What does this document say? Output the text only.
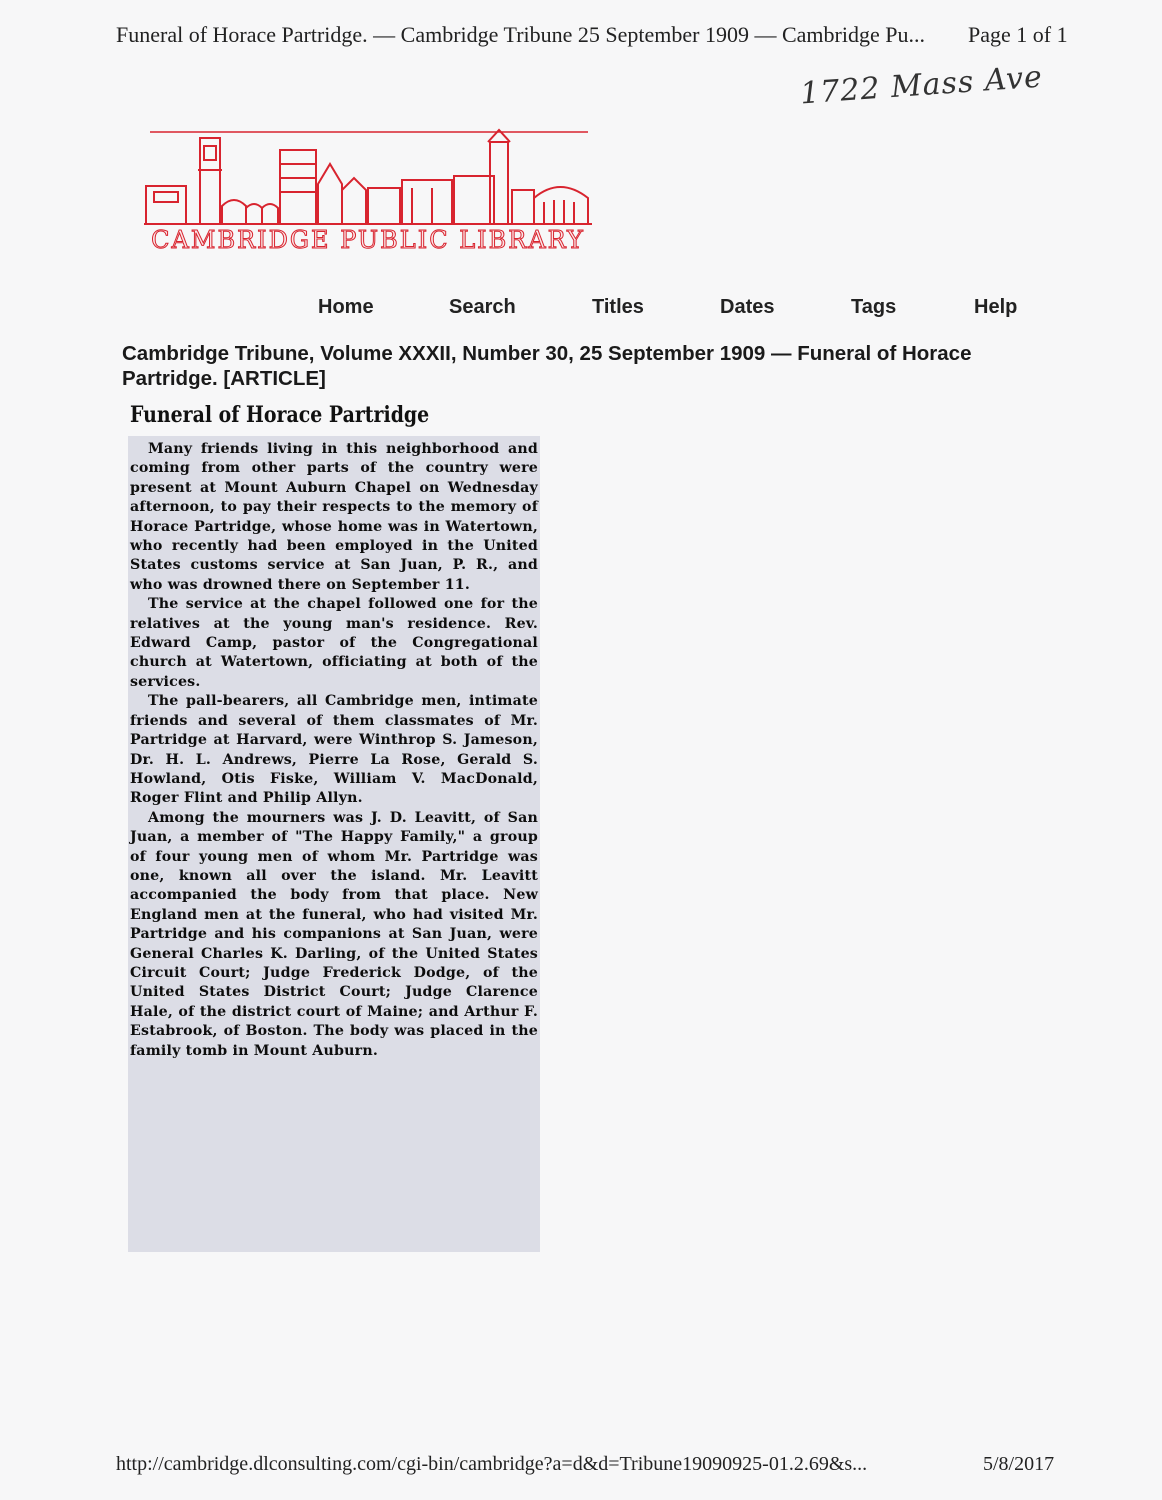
Funeral of Horace Partridge. — Cambridge Tribune 25 September 1909 — Cambridge Pu... Page 1 of 1
1722 Mass Ave
CAMBRIDGE PUBLIC LIBRARY
Home	Search	Titles	Dates	Tags	Help
Cambridge Tribune, Volume XXXII, Number 30, 25 September 1909 — Funeral of Horace Partridge. [ARTICLE]
Funeral of Horace Partridge

Many friends living in this neighborhood and coming from other parts of the country were present at Mount Auburn Chapel on Wednesday afternoon, to pay their respects to the memory of Horace Partridge, whose home was in Watertown, who recently had been employed in the United States customs service at San Juan, P. R., and who was drowned there on September 11.

The service at the chapel followed one for the relatives at the young man's residence. Rev. Edward Camp, pastor of the Congregational church at Watertown, officiating at both of the services.

The pall-bearers, all Cambridge men, intimate friends and several of them classmates of Mr. Partridge at Harvard, were Winthrop S. Jameson, Dr. H. L. Andrews, Pierre La Rose, Gerald S. Howland, Otis Fiske, William V. MacDonald, Roger Flint and Philip Allyn.

Among the mourners was J. D. Leavitt, of San Juan, a member of "The Happy Family," a group of four young men of whom Mr. Partridge was one, known all over the island. Mr. Leavitt accompanied the body from that place. New England men at the funeral, who had visited Mr. Partridge and his companions at San Juan, were General Charles K. Darling, of the United States Circuit Court; Judge Frederick Dodge, of the United States District Court; Judge Clarence Hale, of the district court of Maine; and Arthur F. Estabrook, of Boston. The body was placed in the family tomb in Mount Auburn.

http://cambridge.dlconsulting.com/cgi-bin/cambridge?a=d&d=Tribune19090925-01.2.69&s...	5/8/2017
